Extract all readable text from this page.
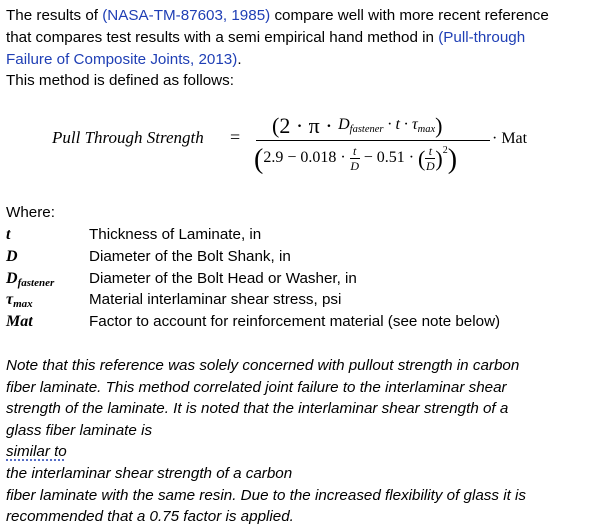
The results of (NASA-TM-87603, 1985) compare well with more recent reference
that compares test results with a semi empirical hand method in (Pull-through
Failure of Composite Joints, 2013).

This method is defined as follows:

Pull Through Strength = $(2 \cdot \pi \cdot D_{fastener} \cdot t \cdot \tau_{max})$
($2.9 - 0.018 \cdot \frac{t}{D} - 0.51$ · ( $\frac{t}{D} )^2$)
· Mat

Where:

t	Thickness of Laminate, in
D	Diameter of the Bolt Shank, in
Dfastener Diameter of the Bolt Head or Washer, in
τmax	Material interlaminar shear stress, psi
Mat	Factor to account for reinforcement material (see note below)

Note that this reference was solely concerned with pullout strength in carbon
fiber laminate. This method correlated joint failure to the interlaminar shear
strength of the laminate. It is noted that the interlaminar shear strength of a
glass fiber laminate is
similar to
the interlaminar shear strength of a carbon
fiber laminate with the same resin. Due to the increased flexibility of glass it is
recommended that a 0.75 factor is applied.
